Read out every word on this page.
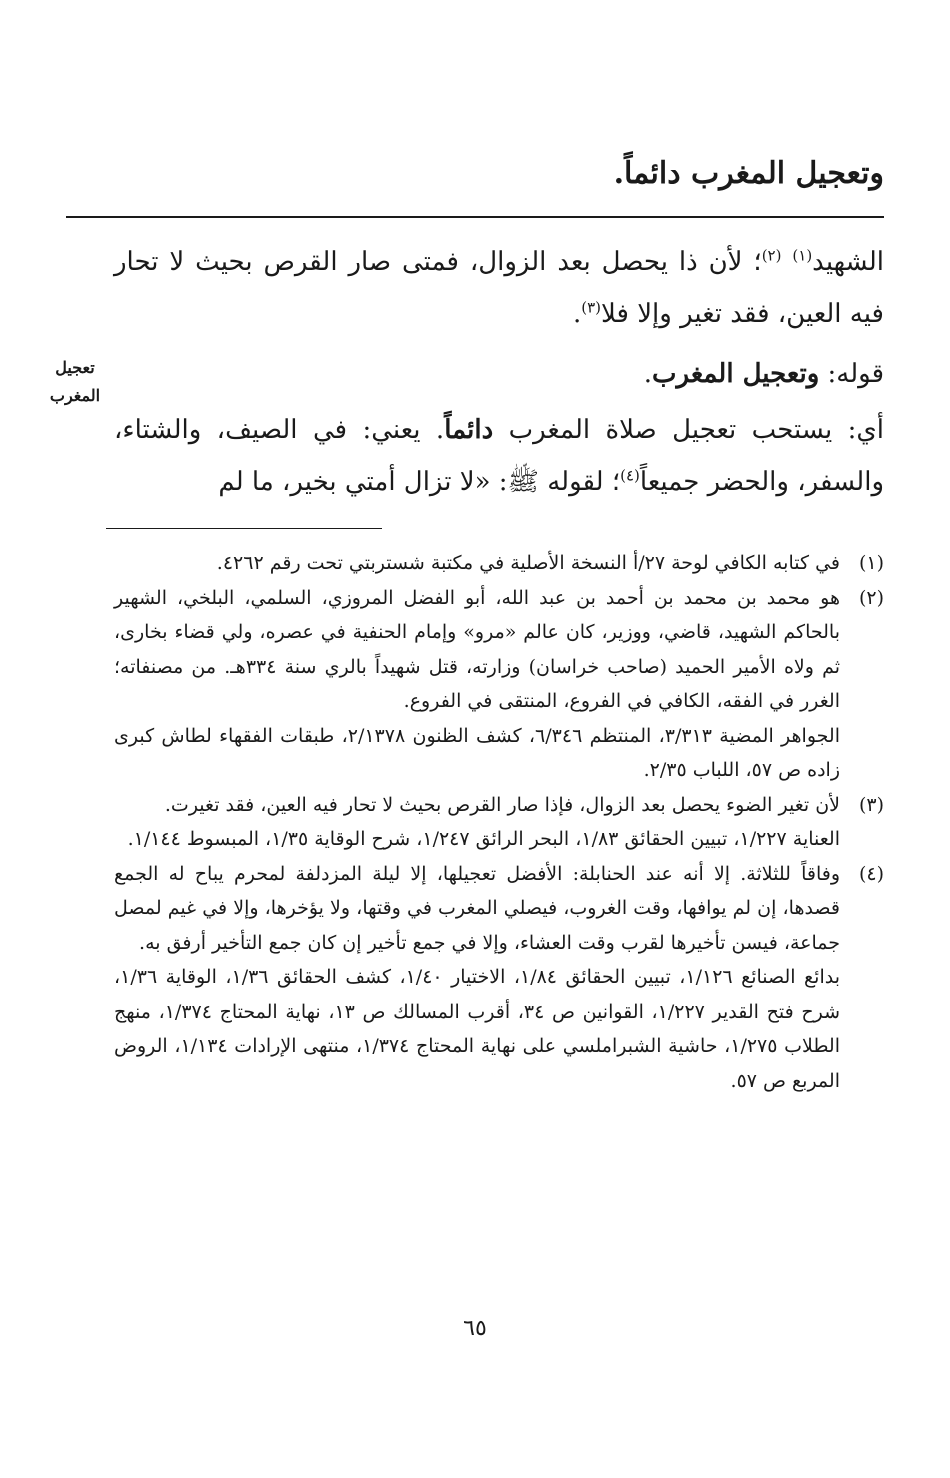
وتعجيل المغرب دائماً.
الشهيد$^{(١)}$ $^{(٢)}$؛ لأن ذا يحصل بعد الزوال، فمتى صار القرص بحيث لا تحار فيه العين، فقد تغير وإلا فلا$^{(٣)}$.
قوله: وتعجيل المغرب.
أي: يستحب تعجيل صلاة المغرب دائماً. يعني: في الصيف، والشتاء، والسفر، والحضر جميعاً$^{(٤)}$؛ لقوله ﷺ: «لا تزال أمتي بخير، ما لم
تعجيل
المغرب
(١)
في كتابه الكافي لوحة ٢٧/أ النسخة الأصلية في مكتبة شستربتي تحت رقم ٤٢٦٢.
(٢)
هو محمد بن محمد بن أحمد بن عبد الله، أبو الفضل المروزي، السلمي، البلخي، الشهير بالحاكم الشهيد، قاضي، ووزير، كان عالم «مرو» وإمام الحنفية في عصره، ولي قضاء بخارى، ثم ولاه الأمير الحميد (صاحب خراسان) وزارته، قتل شهيداً بالري سنة ٣٣٤هـ. من مصنفاته؛ الغرر في الفقه، الكافي في الفروع، المنتقى في الفروع.
الجواهر المضية ٣/٣١٣، المنتظم ٦/٣٤٦، كشف الظنون ٢/١٣٧٨، طبقات الفقهاء لطاش كبرى زاده ص ٥٧، اللباب ٢/٣٥.
(٣)
لأن تغير الضوء يحصل بعد الزوال، فإذا صار القرص بحيث لا تحار فيه العين، فقد تغيرت.
العناية ١/٢٢٧، تبيين الحقائق ١/٨٣، البحر الرائق ١/٢٤٧، شرح الوقاية ١/٣٥، المبسوط ١/١٤٤.
(٤)
وفاقاً للثلاثة. إلا أنه عند الحنابلة: الأفضل تعجيلها، إلا ليلة المزدلفة لمحرم يباح له الجمع قصدها، إن لم يوافها، وقت الغروب، فيصلي المغرب في وقتها، ولا يؤخرها، وإلا في غيم لمصل جماعة، فيسن تأخيرها لقرب وقت العشاء، وإلا في جمع تأخير إن كان جمع التأخير أرفق به.
بدائع الصنائع ١/١٢٦، تبيين الحقائق ١/٨٤، الاختيار ١/٤٠، كشف الحقائق ١/٣٦، الوقاية ١/٣٦، شرح فتح القدير ١/٢٢٧، القوانين ص ٣٤، أقرب المسالك ص ١٣، نهاية المحتاج ١/٣٧٤، منهج الطلاب ١/٢٧٥، حاشية الشبراملسي على نهاية المحتاج ١/٣٧٤، منتهى الإرادات ١/١٣٤، الروض المربع ص ٥٧.
٦٥
